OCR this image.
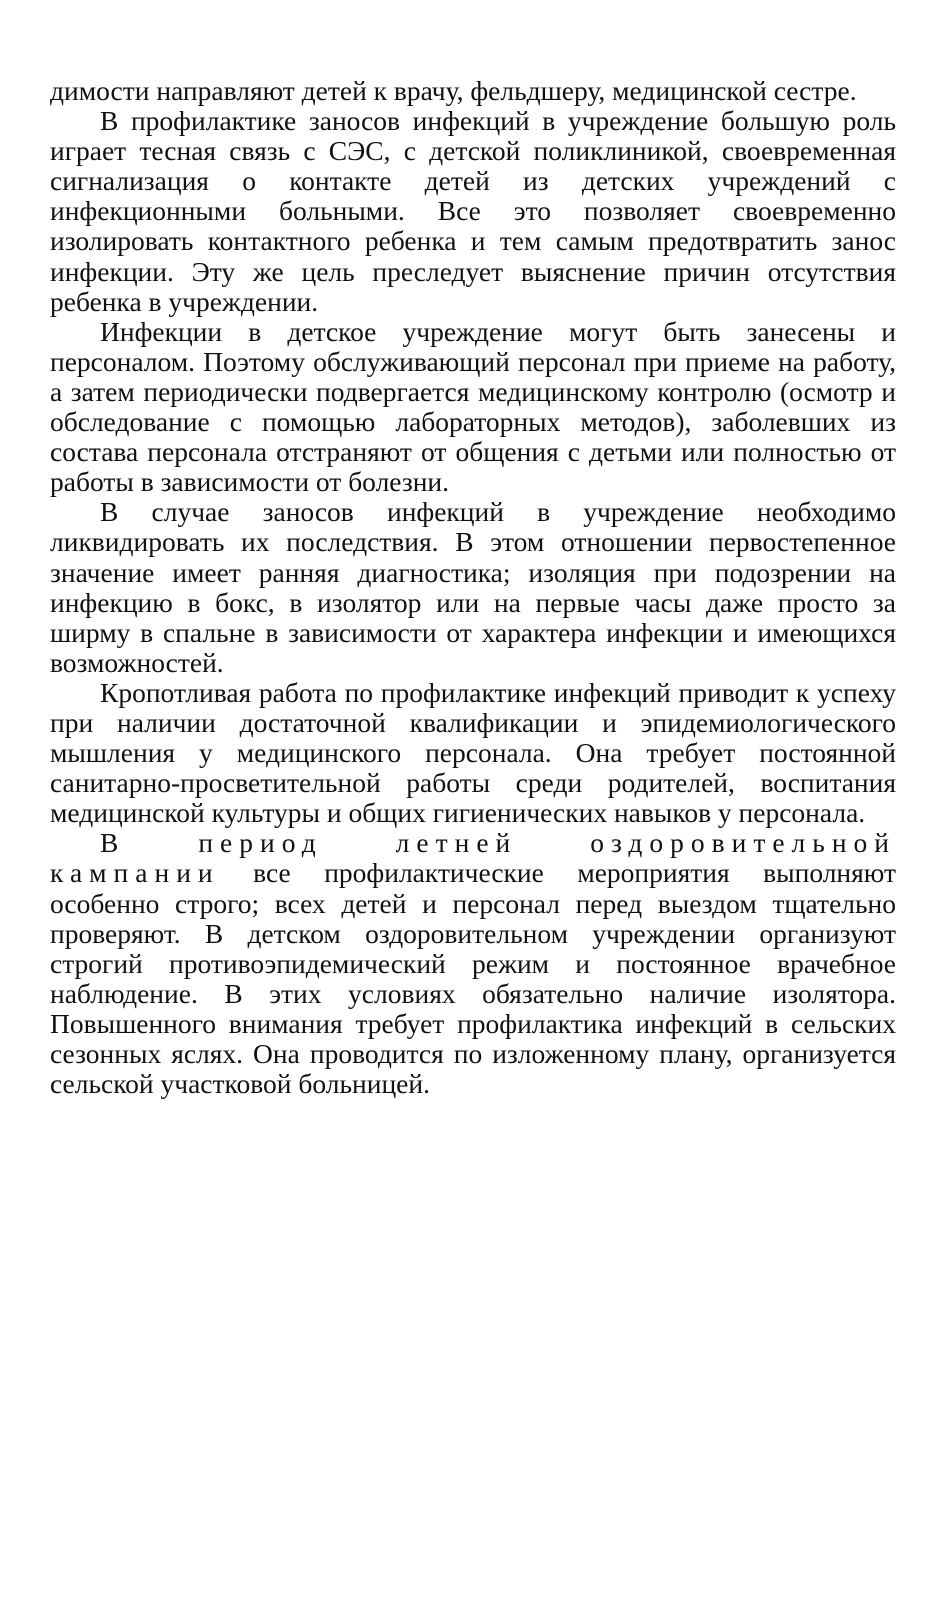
димости направляют детей к врачу, фельдшеру, медицинской сестре.

В профилактике заносов инфекций в учреждение большую роль играет тесная связь с СЭС, с детской поликлиникой, своевременная сигнализация о контакте детей из детских учреждений с инфекционными больными. Все это позволяет своевременно изолировать контактного ребенка и тем самым предотвратить занос инфекции. Эту же цель преследует выяснение причин отсутствия ребенка в учреждении.

Инфекции в детское учреждение могут быть занесены и персоналом. Поэтому обслуживающий персонал при приеме на работу, а затем периодически подвергается медицинскому контролю (осмотр и обследование с помощью лабораторных методов), заболевших из состава персонала отстраняют от общения с детьми или полностью от работы в зависимости от болезни.

В случае заносов инфекций в учреждение необходимо ликвидировать их последствия. В этом отношении первостепенное значение имеет ранняя диагностика; изоляция при подозрении на инфекцию в бокс, в изолятор или на первые часы даже просто за ширму в спальне в зависимости от характера инфекции и имеющихся возможностей.

Кропотливая работа по профилактике инфекций приводит к успеху при наличии достаточной квалификации и эпидемиологического мышления у медицинского персонала. Она требует постоянной санитарно-просветительной работы среди родителей, воспитания медицинской культуры и общих гигиенических навыков у персонала.

В период летней оздоровительной кампании все профилактические мероприятия выполняют особенно строго; всех детей и персонал перед выездом тщательно проверяют. В детском оздоровительном учреждении организуют строгий противоэпидемический режим и постоянное врачебное наблюдение. В этих условиях обязательно наличие изолятора. Повышенного внимания требует профилактика инфекций в сельских сезонных яслях. Она проводится по изложенному плану, организуется сельской участковой больницей.
